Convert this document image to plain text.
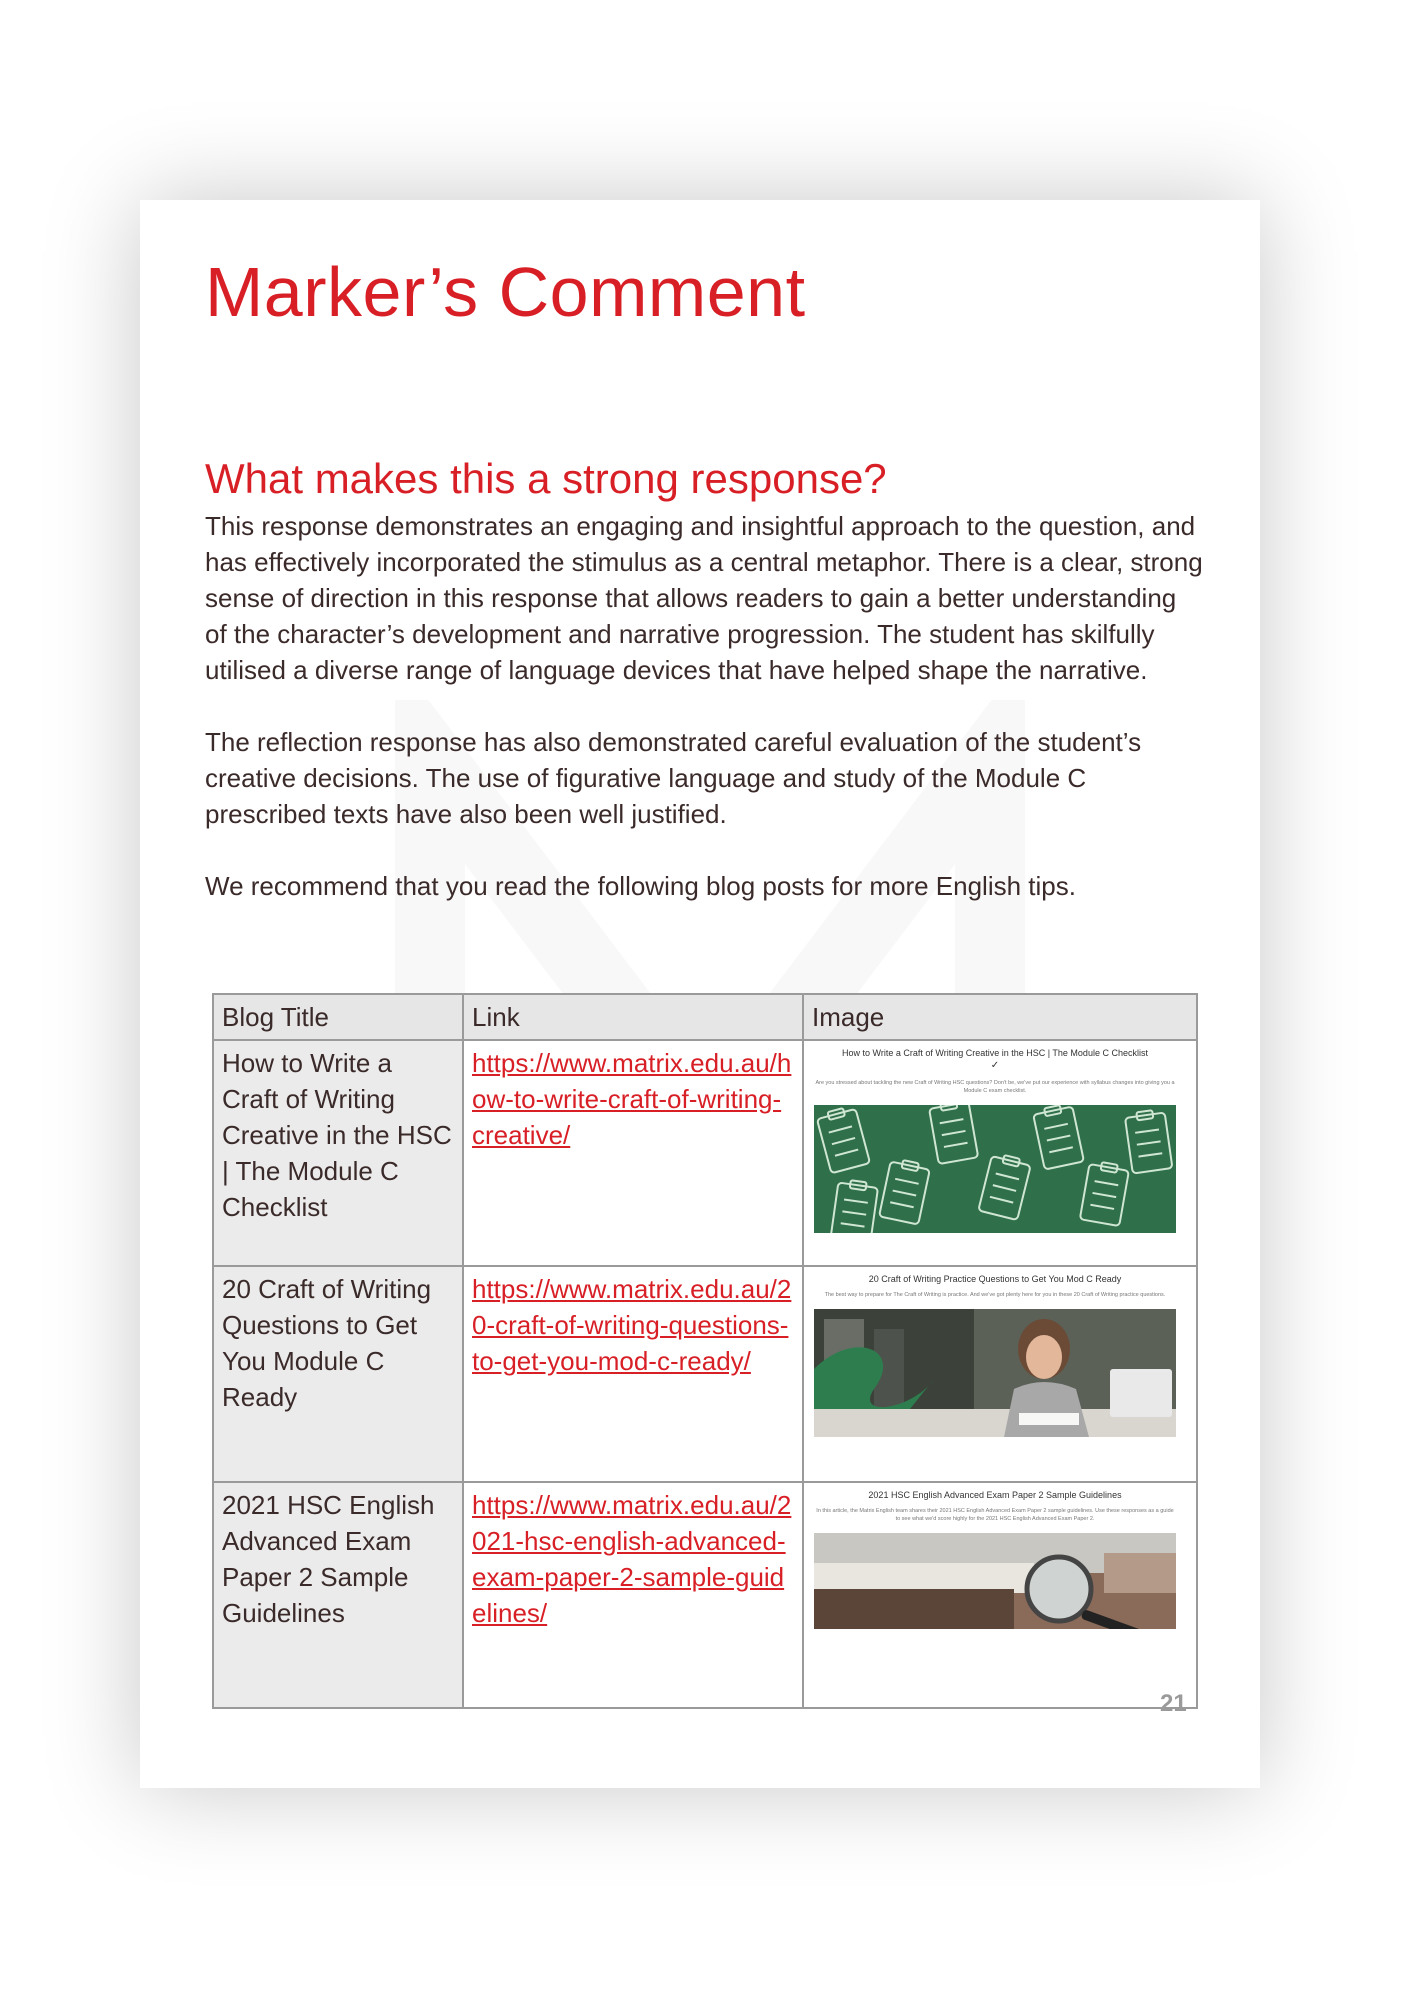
Marker’s Comment
What makes this a strong response?

This response demonstrates an engaging and insightful approach to the question, and has effectively incorporated the stimulus as a central metaphor. There is a clear, strong sense of direction in this response that allows readers to gain a better understanding of the character’s development and narrative progression. The student has skilfully utilised a diverse range of language devices that have helped shape the narrative.

The reflection response has also demonstrated careful evaluation of the student’s creative decisions. The use of figurative language and study of the Module C prescribed texts have also been well justified.

We recommend that you read the following blog posts for more English tips.

Blog Title	Link	Image
How to Write a Craft of Writing Creative in the HSC | The Module C Checklist	https://www.matrix.edu.au/how-to-write-craft-of-writing-creative/	How to Write a Craft of Writing Creative in the HSC | The Module C Checklist
✓
Are you stressed about tackling the new Craft of Writing HSC questions? Don't be, we've put our experience with syllabus changes into giving you a Module C exam checklist.

20 Craft of Writing Questions to Get You Module C Ready	https://www.matrix.edu.au/20-craft-of-writing-questions-to-get-you-mod-c-ready/	20 Craft of Writing Practice Questions to Get You Mod C Ready
The best way to prepare for The Craft of Writing is practice. And we've got plenty here for you in these 20 Craft of Writing practice questions.

2021 HSC English Advanced Exam Paper 2 Sample Guidelines	https://www.matrix.edu.au/2021-hsc-english-advanced-exam-paper-2-sample-guidelines/	2021 HSC English Advanced Exam Paper 2 Sample Guidelines
In this article, the Matrix English team shares their 2021 HSC English Advanced Exam Paper 2 sample guidelines. Use these responses as a guide to see what we'd score highly for the 2021 HSC English Advanced Exam Paper 2.
21
